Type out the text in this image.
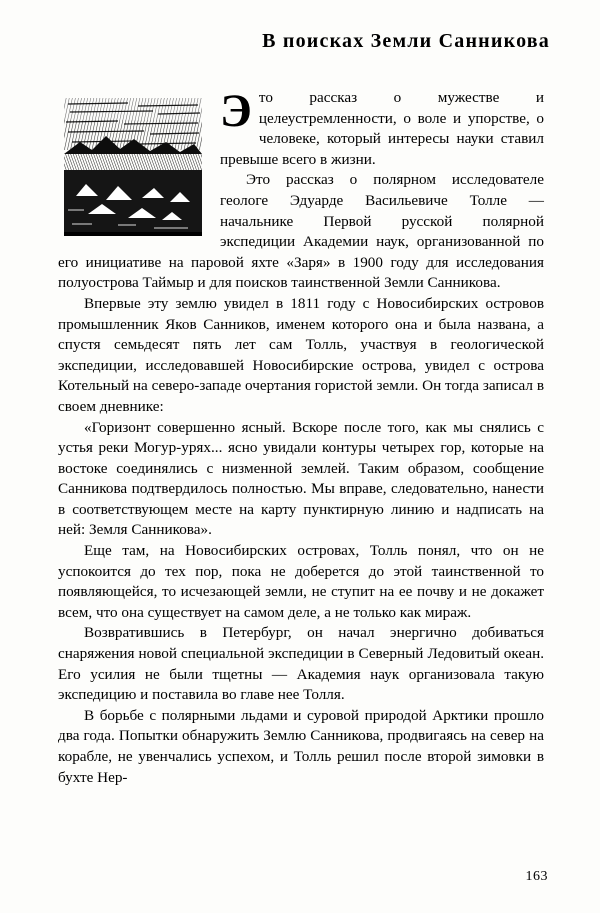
В поисках Земли Санникова

Это рассказ о мужестве и целеустремленности, о воле и упорстве, о человеке, который интересы науки ставил превыше всего в жизни.

Это рассказ о полярном исследователе геологе Эдуарде Васильевиче Толле — начальнике Первой русской полярной экспедиции Академии наук, организованной по его инициативе на паровой яхте «Заря» в 1900 году для исследования полуострова Таймыр и для поисков таинственной Земли Санникова.

Впервые эту землю увидел в 1811 году с Новосибирских островов промышленник Яков Санников, именем которого она и была названа, а спустя семьдесят пять лет сам Толль, участвуя в геологической экспедиции, исследовавшей Новосибирские острова, увидел с острова Котельный на северо-западе очертания гористой земли. Он тогда записал в своем дневнике:

«Горизонт совершенно ясный. Вскоре после того, как мы снялись с устья реки Могур-урях... ясно увидали контуры четырех гор, которые на востоке соединялись с низменной землей. Таким образом, сообщение Санникова подтвердилось полностью. Мы вправе, следовательно, нанести в соответствующем месте на карту пунктирную линию и надписать на ней: Земля Санникова».

Еще там, на Новосибирских островах, Толль понял, что он не успокоится до тех пор, пока не доберется до этой таинственной то появляющейся, то исчезающей земли, не ступит на ее почву и не докажет всем, что она существует на самом деле, а не только как мираж.

Возвратившись в Петербург, он начал энергично добиваться снаряжения новой специальной экспедиции в Северный Ледовитый океан. Его усилия не были тщетны — Академия наук организовала такую экспедицию и поставила во главе нее Толля.

В борьбе с полярными льдами и суровой природой Арктики прошло два года. Попытки обнаружить Землю Санникова, продвигаясь на север на корабле, не увенчались успехом, и Толль решил после второй зимовки в бухте Нер-

163
